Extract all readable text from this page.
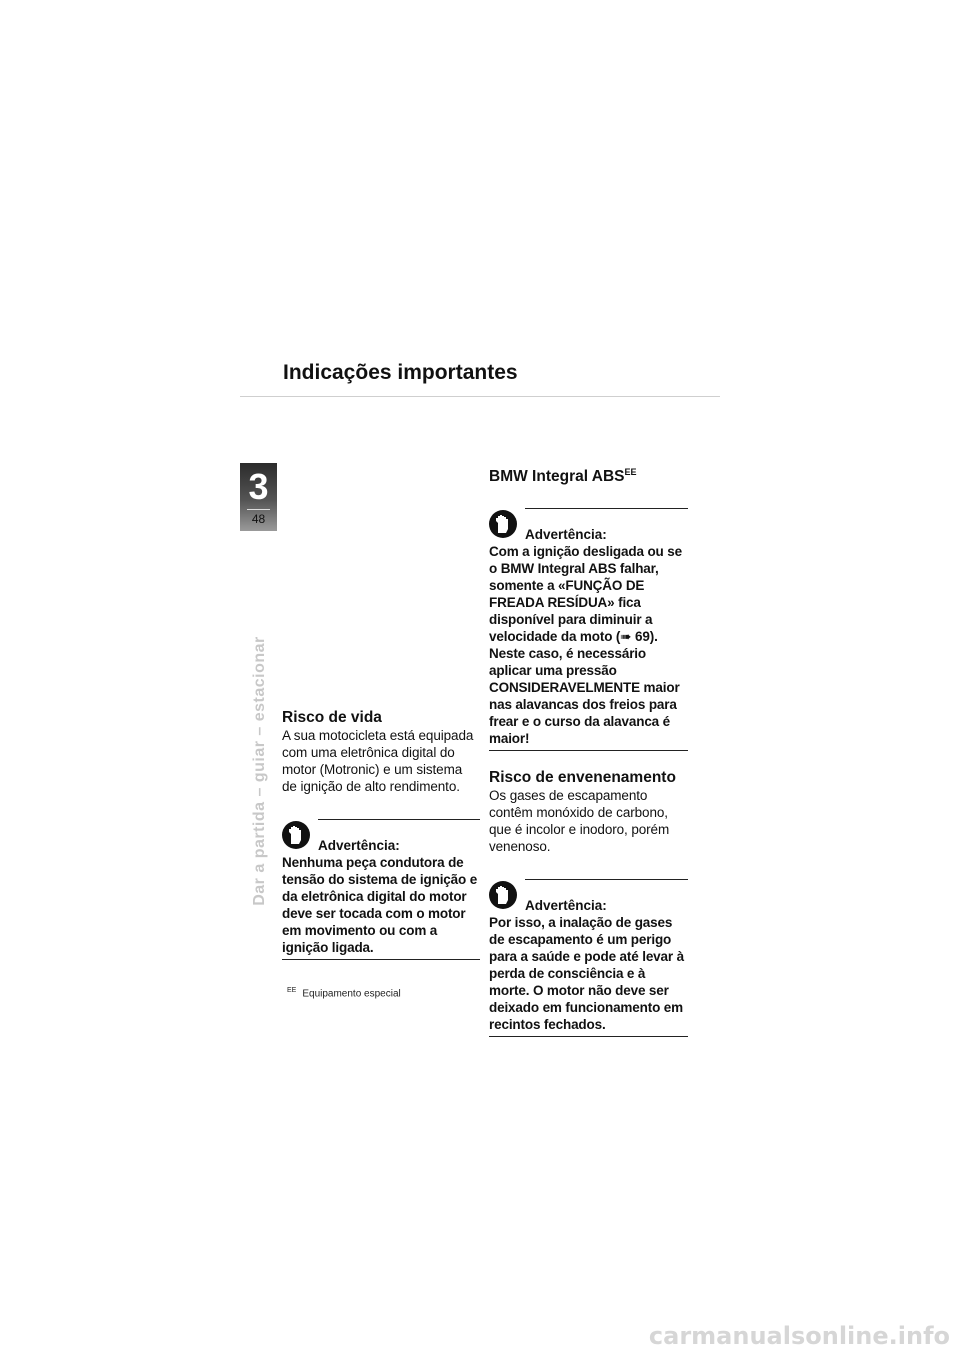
Indicações importantes
3
48
Dar a partida – guiar – estacionar Risco de vida

A sua motocicleta está equipada com uma eletrônica digital do motor (Motronic) e um sistema de ignição de alto rendimento.

Advertência:

Nenhuma peça condutora de tensão do sistema de ignição e da eletrônica digital do motor deve ser tocada com o motor em movimento ou com a ignição ligada.

$^{EE}$ Equipamento especial
BMW Integral $ABS^{EE}$
Advertência:

Com a ignição desligada ou se o BMW Integral ABS falhar, somente a «FUNÇÃO DE FREADA RESÍDUA» fica disponível para diminuir a velocidade da moto (➠ 69). Neste caso, é necessário aplicar uma pressão CONSIDERAVELMENTE maior nas alavancas dos freios para frear e o curso da alavanca é maior!

Risco de envenenamento

Os gases de escapamento contêm monóxido de carbono, que é incolor e inodoro, porém venenoso.

Advertência:

Por isso, a inalação de gases de escapamento é um perigo para a saúde e pode até levar à perda de consciência e à morte. O motor não deve ser deixado em funcionamento em recintos fechados.

carmanualsonline.info
